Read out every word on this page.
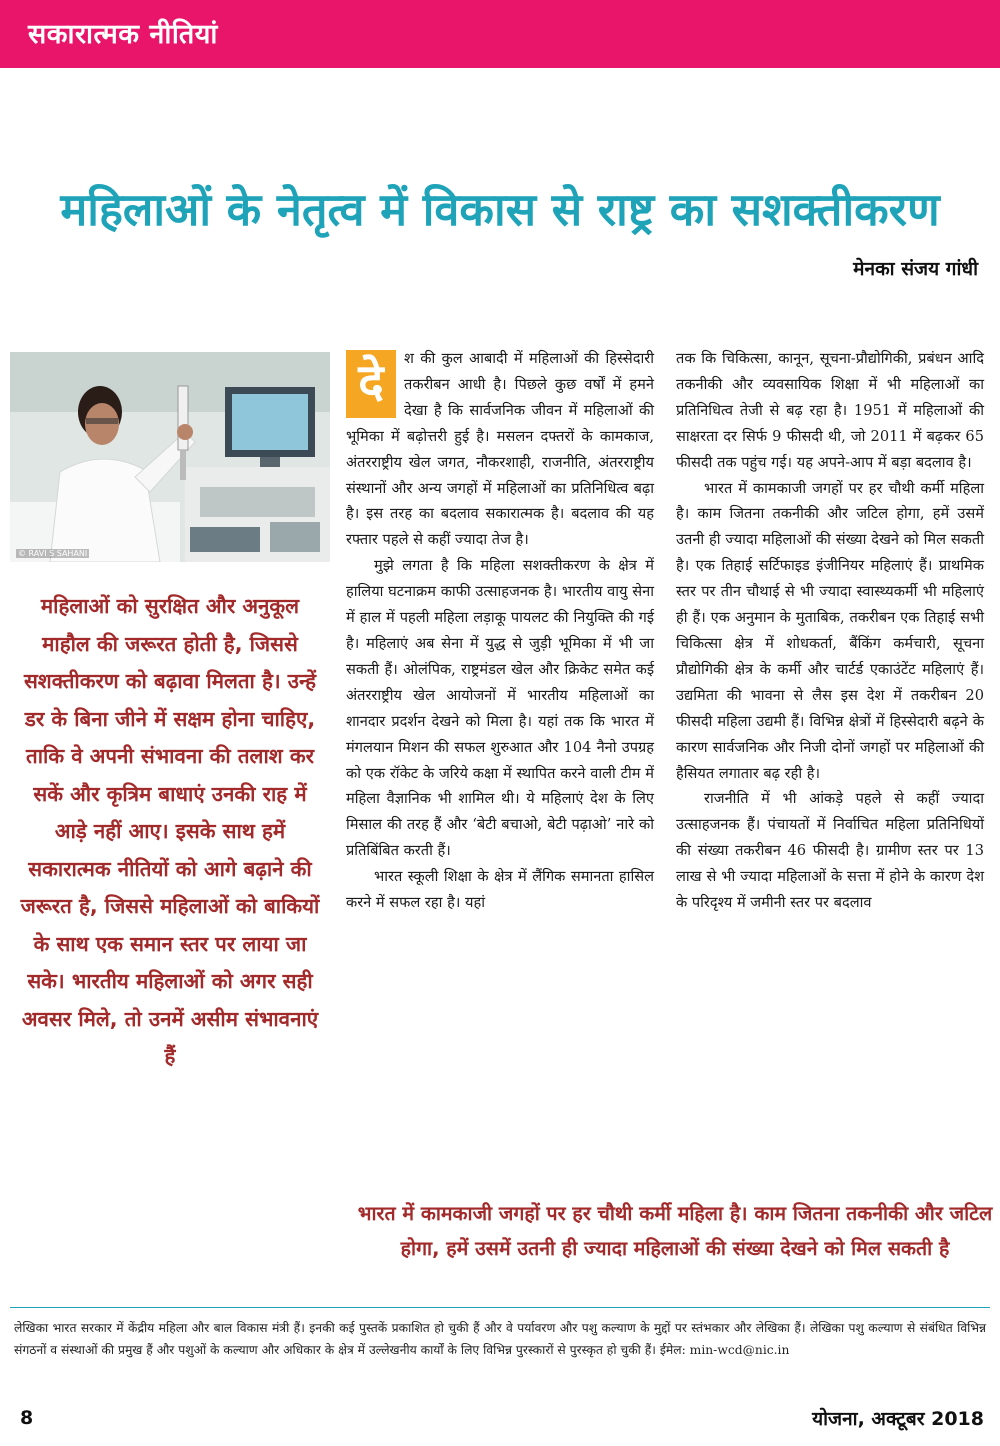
सकारात्मक नीतियां
महिलाओं के नेतृत्व में विकास से राष्ट्र का सशक्तीकरण
मेनका संजय गांधी
© RAVI S SAHANI
महिलाओं को सुरक्षित और अनुकूल माहौल की जरूरत होती है, जिससे सशक्तीकरण को बढ़ावा मिलता है। उन्हें डर के बिना जीने में सक्षम होना चाहिए, ताकि वे अपनी संभावना की तलाश कर सकें और कृत्रिम बाधाएं उनकी राह में आड़े नहीं आए। इसके साथ हमें सकारात्मक नीतियों को आगे बढ़ाने की जरूरत है, जिससे महिलाओं को बाकियों के साथ एक समान स्तर पर लाया जा सके। भारतीय महिलाओं को अगर सही अवसर मिले, तो उनमें असीम संभावनाएं हैं

दे	श की कुल आबादी में महिलाओं की हिस्सेदारी तकरीबन आधी है। पिछले कुछ वर्षों में हमने देखा है कि सार्वजनिक जीवन में महिलाओं की भूमिका में बढ़ोत्तरी हुई है। मसलन दफ्तरों के कामकाज, अंतरराष्ट्रीय खेल जगत, नौकरशाही, राजनीति, अंतरराष्ट्रीय संस्थानों और अन्य जगहों में महिलाओं का प्रतिनिधित्व बढ़ा है। इस तरह का बदलाव सकारात्मक है। बदलाव की यह रफ्तार पहले से कहीं ज्यादा तेज है।

मुझे लगता है कि महिला सशक्तीकरण के क्षेत्र में हालिया घटनाक्रम काफी उत्साहजनक है। भारतीय वायु सेना में हाल में पहली महिला लड़ाकू पायलट की नियुक्ति की गई है। महिलाएं अब सेना में युद्ध से जुड़ी भूमिका में भी जा सकती हैं। ओलंपिक, राष्ट्रमंडल खेल और क्रिकेट समेत कई अंतरराष्ट्रीय खेल आयोजनों में भारतीय महिलाओं का शानदार प्रदर्शन देखने को मिला है। यहां तक कि भारत में मंगलयान मिशन की सफल शुरुआत और 104 नैनो उपग्रह को एक रॉकेट के जरिये कक्षा में स्थापित करने वाली टीम में महिला वैज्ञानिक भी शामिल थी। ये महिलाएं देश के लिए मिसाल की तरह हैं और ‘बेटी बचाओ, बेटी पढ़ाओ’ नारे को प्रतिबिंबित करती हैं।

भारत स्कूली शिक्षा के क्षेत्र में लैंगिक समानता हासिल करने में सफल रहा है। यहां

तक कि चिकित्सा, कानून, सूचना-प्रौद्योगिकी, प्रबंधन आदि तकनीकी और व्यवसायिक शिक्षा में भी महिलाओं का प्रतिनिधित्व तेजी से बढ़ रहा है। 1951 में महिलाओं की साक्षरता दर सिर्फ 9 फीसदी थी, जो 2011 में बढ़कर 65 फीसदी तक पहुंच गई। यह अपने-आप में बड़ा बदलाव है।

भारत में कामकाजी जगहों पर हर चौथी कर्मी महिला है। काम जितना तकनीकी और जटिल होगा, हमें उसमें उतनी ही ज्यादा महिलाओं की संख्या देखने को मिल सकती है। एक तिहाई सर्टिफाइड इंजीनियर महिलाएं हैं। प्राथमिक स्तर पर तीन चौथाई से भी ज्यादा स्वास्थ्यकर्मी भी महिलाएं ही हैं। एक अनुमान के मुताबिक, तकरीबन एक तिहाई सभी चिकित्सा क्षेत्र में शोधकर्ता, बैंकिंग कर्मचारी, सूचना प्रौद्योगिकी क्षेत्र के कर्मी और चार्टर्ड एकाउंटेंट महिलाएं हैं। उद्यमिता की भावना से लैस इस देश में तकरीबन 20 फीसदी महिला उद्यमी हैं। विभिन्न क्षेत्रों में हिस्सेदारी बढ़ने के कारण सार्वजनिक और निजी दोनों जगहों पर महिलाओं की हैसियत लगातार बढ़ रही है।

राजनीति में भी आंकड़े पहले से कहीं ज्यादा उत्साहजनक हैं। पंचायतों में निर्वाचित महिला प्रतिनिधियों की संख्या तकरीबन 46 फीसदी है। ग्रामीण स्तर पर 13 लाख से भी ज्यादा महिलाओं के सत्ता में होने के कारण देश के परिदृश्य में जमीनी स्तर पर बदलाव

भारत में कामकाजी जगहों पर हर चौथी कर्मी महिला है। काम जितना तकनीकी और जटिल होगा, हमें उसमें उतनी ही ज्यादा महिलाओं की संख्या देखने को मिल सकती है
लेखिका भारत सरकार में केंद्रीय महिला और बाल विकास मंत्री हैं। इनकी कई पुस्तकें प्रकाशित हो चुकी हैं और वे पर्यावरण और पशु कल्याण के मुद्दों पर स्तंभकार और लेखिका हैं। लेखिका पशु कल्याण से संबंधित विभिन्न संगठनों व संस्थाओं की प्रमुख हैं और पशुओं के कल्याण और अधिकार के क्षेत्र में उल्लेखनीय कार्यों के लिए विभिन्न पुरस्कारों से पुरस्कृत हो चुकी हैं। ईमेल: min-wcd@nic.in
8	योजना, अक्टूबर 2018
